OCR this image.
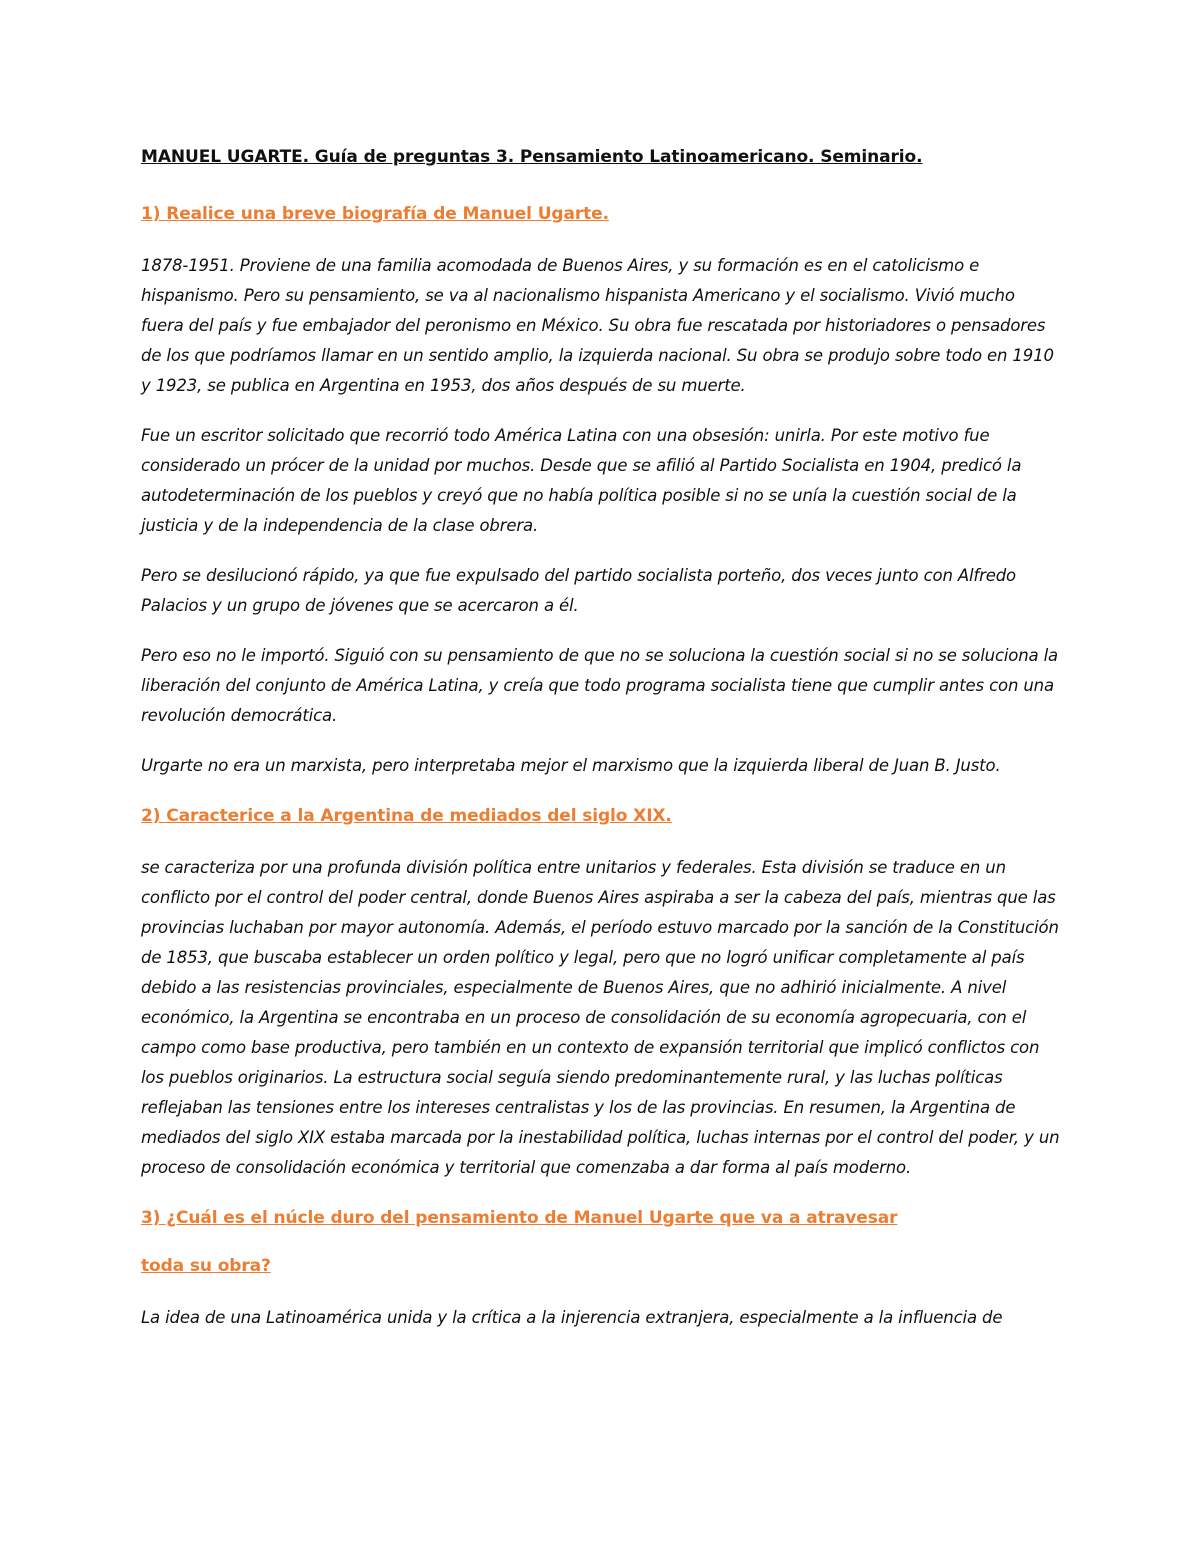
MANUEL UGARTE. Guía de preguntas 3. Pensamiento Latinoamericano. Seminario.

1) Realice una breve biografía de Manuel Ugarte.

1878-1951. Proviene de una familia acomodada de Buenos Aires, y su formación es en el catolicismo e hispanismo. Pero su pensamiento, se va al nacionalismo hispanista Americano y el socialismo. Vivió mucho fuera del país y fue embajador del peronismo en México. Su obra fue rescatada por historiadores o pensadores de los que podríamos llamar en un sentido amplio, la izquierda nacional. Su obra se produjo sobre todo en 1910 y 1923, se publica en Argentina en 1953, dos años después de su muerte.

Fue un escritor solicitado que recorrió todo América Latina con una obsesión: unirla. Por este motivo fue considerado un prócer de la unidad por muchos. Desde que se afilió al Partido Socialista en 1904, predicó la autodeterminación de los pueblos y creyó que no había política posible si no se unía la cuestión social de la justicia y de la independencia de la clase obrera.

Pero se desilucionó rápido, ya que fue expulsado del partido socialista porteño, dos veces junto con Alfredo Palacios y un grupo de jóvenes que se acercaron a él.

Pero eso no le importó. Siguió con su pensamiento de que no se soluciona la cuestión social si no se soluciona la liberación del conjunto de América Latina, y creía que todo programa socialista tiene que cumplir antes con una revolución democrática.

Urgarte no era un marxista, pero interpretaba mejor el marxismo que la izquierda liberal de Juan B. Justo.

2) Caracterice a la Argentina de mediados del siglo XIX.

se caracteriza por una profunda división política entre unitarios y federales. Esta división se traduce en un conflicto por el control del poder central, donde Buenos Aires aspiraba a ser la cabeza del país, mientras que las provincias luchaban por mayor autonomía. Además, el período estuvo marcado por la sanción de la Constitución de 1853, que buscaba establecer un orden político y legal, pero que no logró unificar completamente al país debido a las resistencias provinciales, especialmente de Buenos Aires, que no adhirió inicialmente. A nivel económico, la Argentina se encontraba en un proceso de consolidación de su economía agropecuaria, con el campo como base productiva, pero también en un contexto de expansión territorial que implicó conflictos con los pueblos originarios. La estructura social seguía siendo predominantemente rural, y las luchas políticas reflejaban las tensiones entre los intereses centralistas y los de las provincias. En resumen, la Argentina de mediados del siglo XIX estaba marcada por la inestabilidad política, luchas internas por el control del poder, y un proceso de consolidación económica y territorial que comenzaba a dar forma al país moderno.

3) ¿Cuál es el núcle duro del pensamiento de Manuel Ugarte que va a atravesar

toda su obra?

La idea de una Latinoamérica unida y la crítica a la injerencia extranjera, especialmente a la influencia de
